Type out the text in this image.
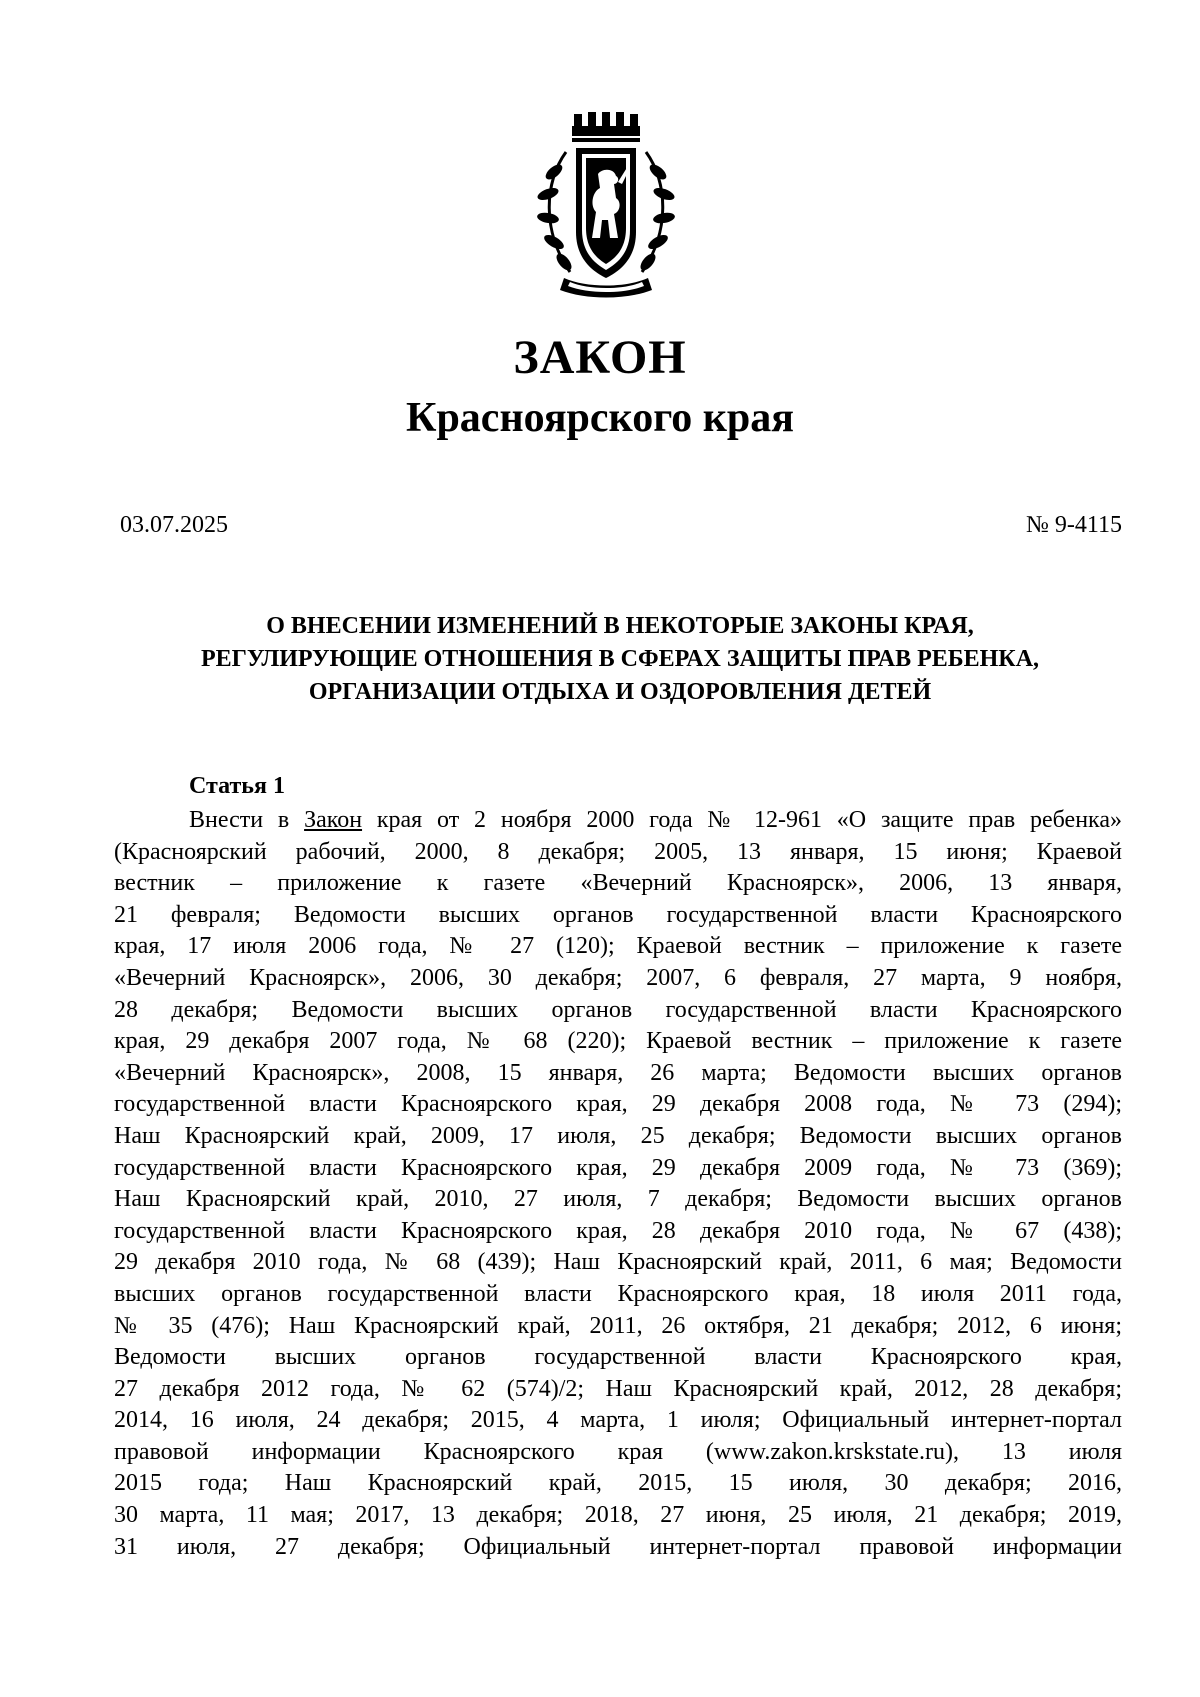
ЗАКОН
Красноярского края
03.07.2025	№ 9-4115
О ВНЕСЕНИИ ИЗМЕНЕНИЙ В НЕКОТОРЫЕ ЗАКОНЫ КРАЯ,
РЕГУЛИРУЮЩИЕ ОТНОШЕНИЯ В СФЕРАХ ЗАЩИТЫ ПРАВ РЕБЕНКА,
ОРГАНИЗАЦИИ ОТДЫХА И ОЗДОРОВЛЕНИЯ ДЕТЕЙ
Статья 1
Внести в Закон края от 2 ноября 2000 года № 12-961 «О защите прав ребенка»
(Красноярский рабочий, 2000, 8 декабря; 2005, 13 января, 15 июня; Краевой
вестник – приложение к газете «Вечерний Красноярск», 2006, 13 января,
21 февраля; Ведомости высших органов государственной власти Красноярского
края, 17 июля 2006 года, № 27 (120); Краевой вестник – приложение к газете
«Вечерний Красноярск», 2006, 30 декабря; 2007, 6 февраля, 27 марта, 9 ноября,
28 декабря; Ведомости высших органов государственной власти Красноярского
края, 29 декабря 2007 года, № 68 (220); Краевой вестник – приложение к газете
«Вечерний Красноярск», 2008, 15 января, 26 марта; Ведомости высших органов
государственной власти Красноярского края, 29 декабря 2008 года, № 73 (294);
Наш Красноярский край, 2009, 17 июля, 25 декабря; Ведомости высших органов
государственной власти Красноярского края, 29 декабря 2009 года, № 73 (369);
Наш Красноярский край, 2010, 27 июля, 7 декабря; Ведомости высших органов
государственной власти Красноярского края, 28 декабря 2010 года, № 67 (438);
29 декабря 2010 года, № 68 (439); Наш Красноярский край, 2011, 6 мая; Ведомости
высших органов государственной власти Красноярского края, 18 июля 2011 года,
№ 35 (476); Наш Красноярский край, 2011, 26 октября, 21 декабря; 2012, 6 июня;
Ведомости высших органов государственной власти Красноярского края,
27 декабря 2012 года, № 62 (574)/2; Наш Красноярский край, 2012, 28 декабря;
2014, 16 июля, 24 декабря; 2015, 4 марта, 1 июля; Официальный интернет-портал
правовой информации Красноярского края (www.zakon.krskstate.ru), 13 июля
2015 года; Наш Красноярский край, 2015, 15 июля, 30 декабря; 2016,
30 марта, 11 мая; 2017, 13 декабря; 2018, 27 июня, 25 июля, 21 декабря; 2019,
31 июля, 27 декабря; Официальный интернет-портал правовой информации
